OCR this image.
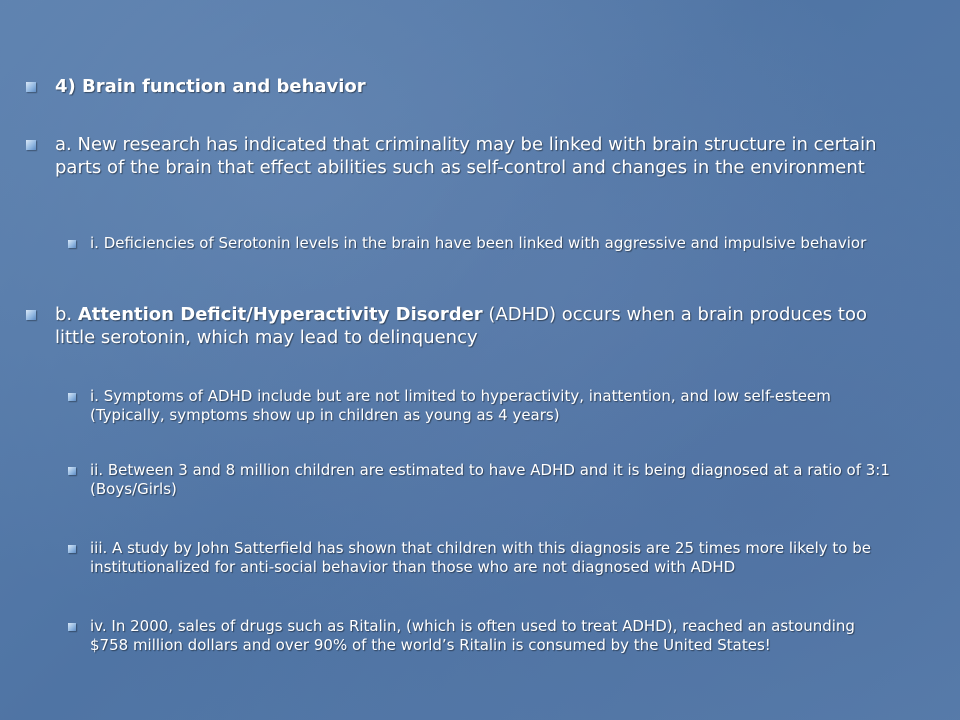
4) Brain function and behavior
a. New research has indicated that criminality may be linked with brain structure in certain parts of the brain that effect abilities such as self-control and changes in the environment
i. Deficiencies of Serotonin levels in the brain have been linked with aggressive and impulsive behavior
b. Attention Deficit/Hyperactivity Disorder (ADHD) occurs when a brain produces too little serotonin, which may lead to delinquency
i. Symptoms of ADHD include but are not limited to hyperactivity, inattention, and low self-esteem (Typically, symptoms show up in children as young as 4 years)
ii. Between 3 and 8 million children are estimated to have ADHD and it is being diagnosed at a ratio of 3:1 (Boys/Girls)
iii. A study by John Satterfield has shown that children with this diagnosis are 25 times more likely to be institutionalized for anti-social behavior than those who are not diagnosed with ADHD
iv. In 2000, sales of drugs such as Ritalin, (which is often used to treat ADHD), reached an astounding $758 million dollars and over 90% of the world’s Ritalin is consumed by the United States!
